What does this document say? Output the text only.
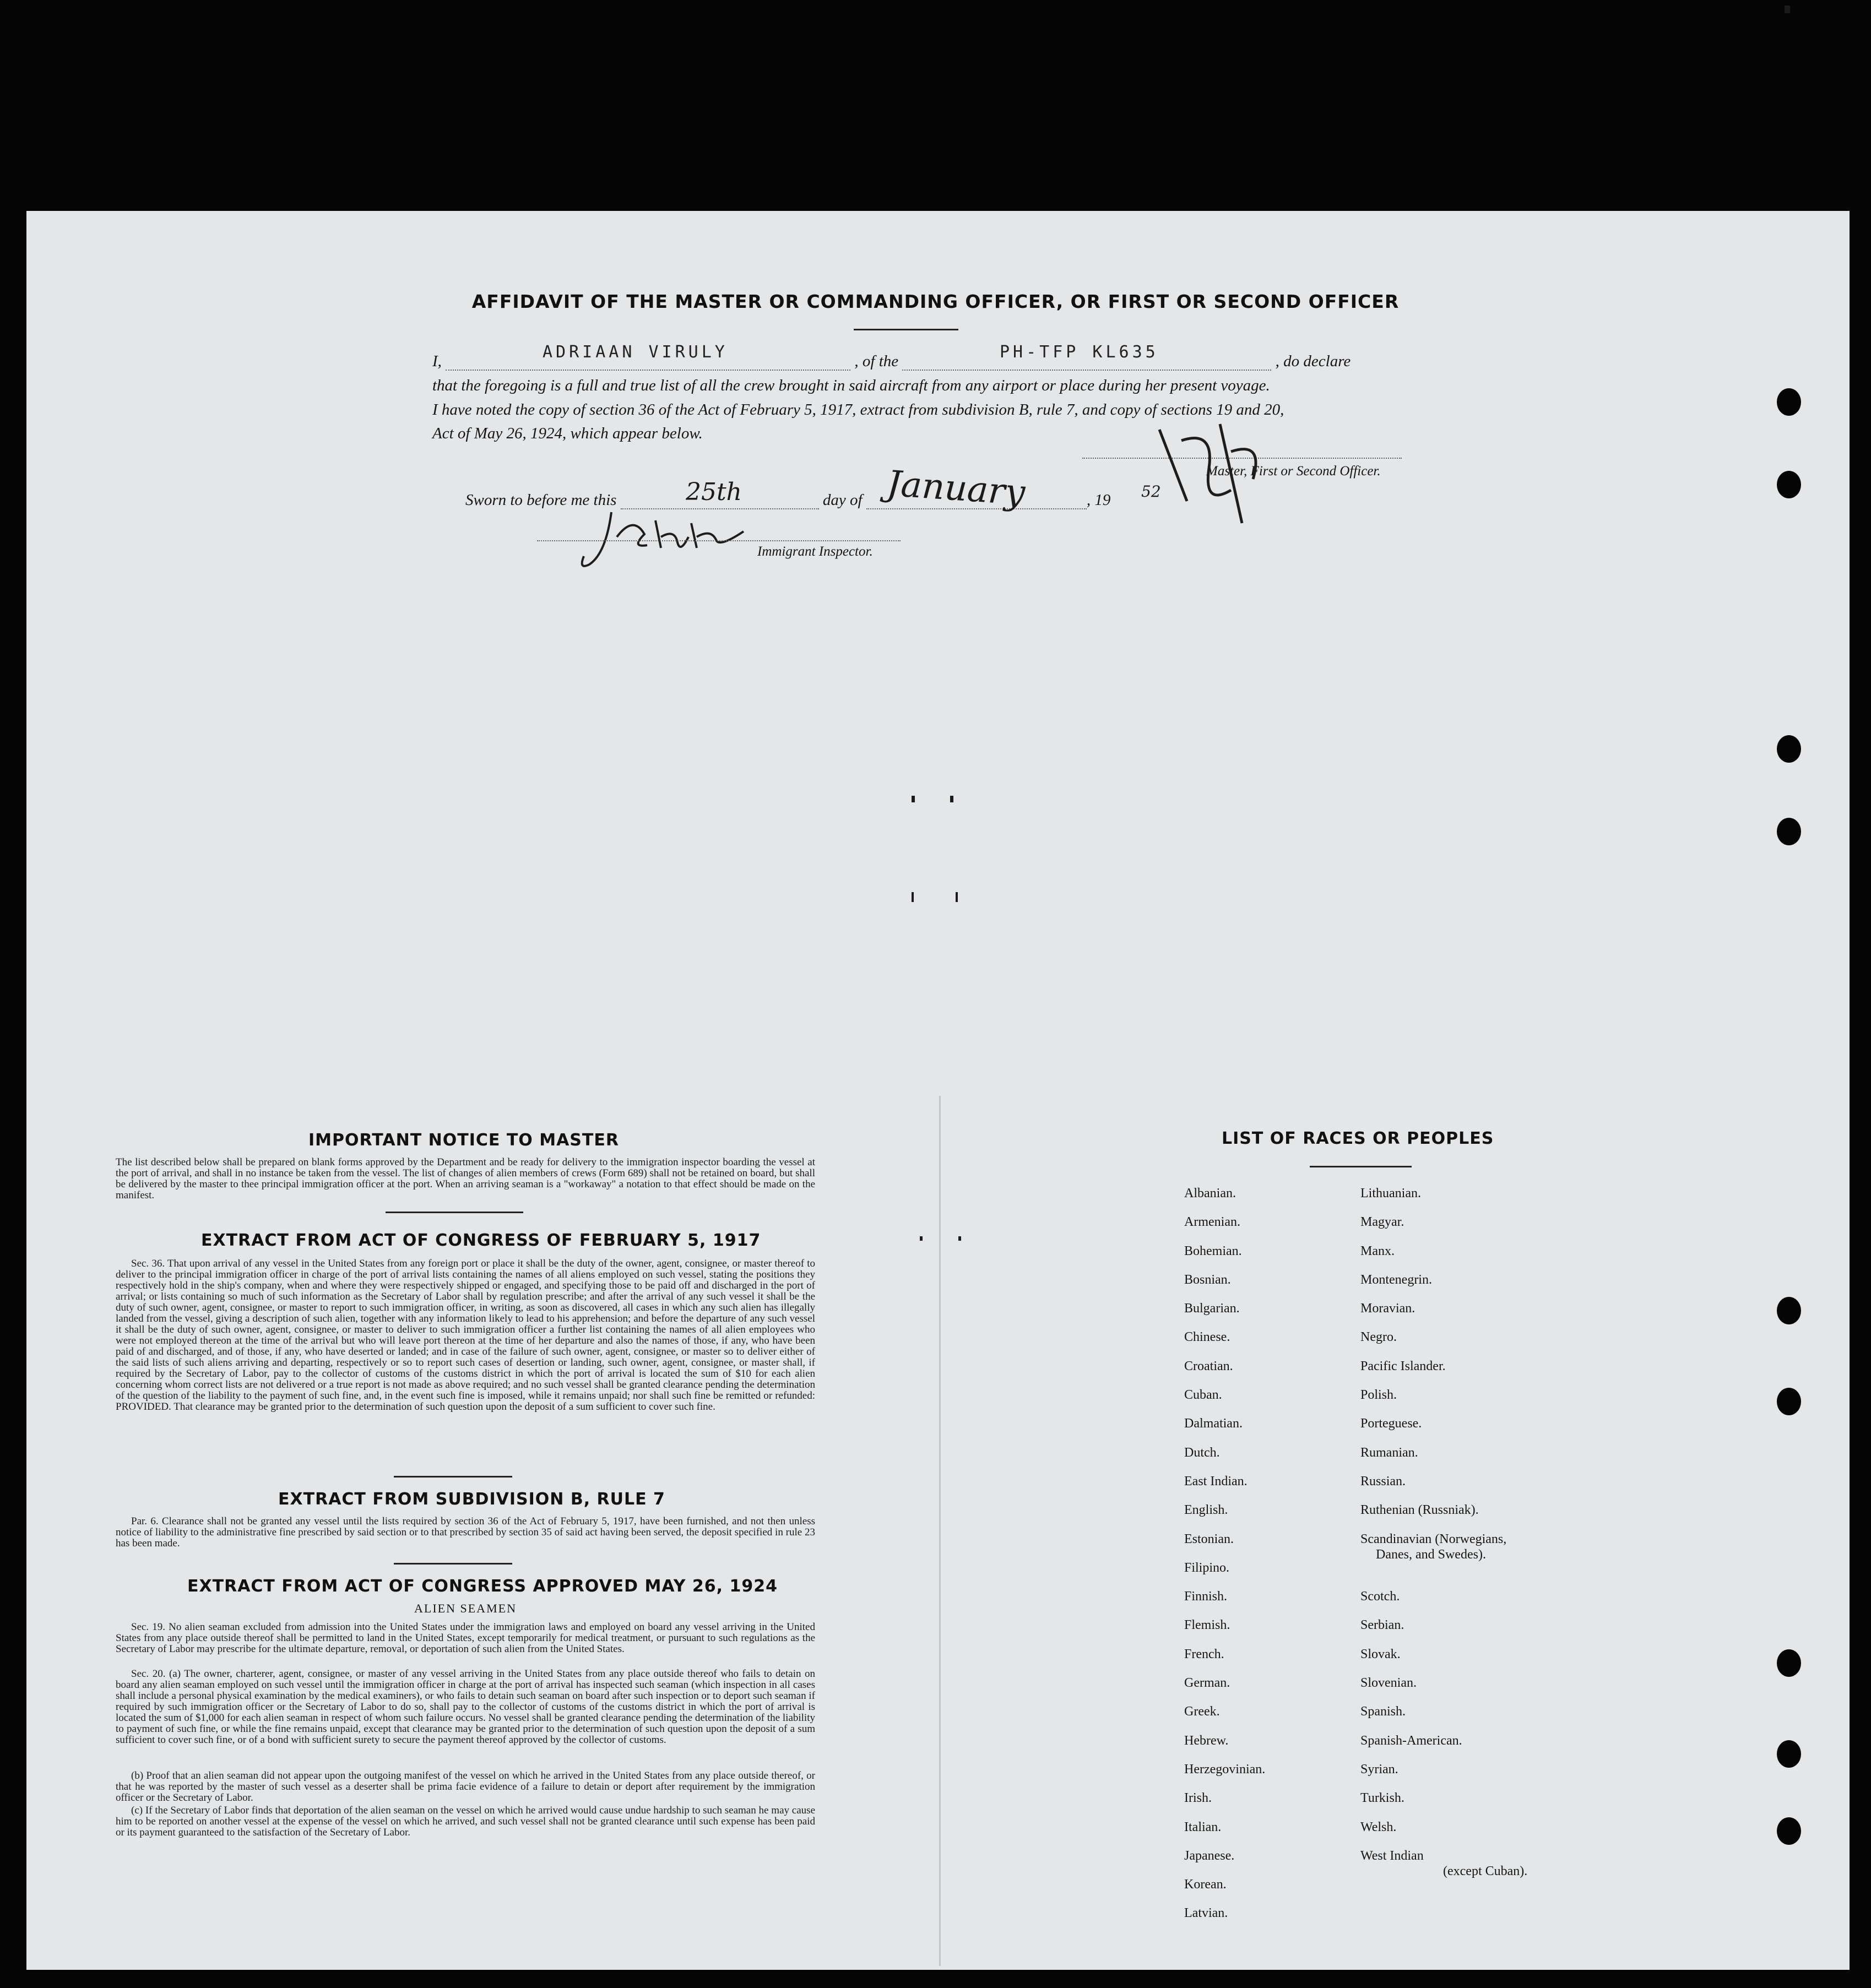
AFFIDAVIT OF THE MASTER OR COMMANDING OFFICER, OR FIRST OR SECOND OFFICER
I,	, of the	, do declare
ADRIAAN VIRULY	PH-TFP KL635
that the foregoing is a full and true list of all the crew brought in said aircraft from any airport or place during her present voyage.
I have noted the copy of section 36 of the Act of February 5, 1917, extract from subdivision B, rule 7, and copy of sections 19 and 20,
Act of May 26, 1924, which appear below.
Master, First or Second Officer.
Sworn to before me this	day of	, 19
25th	January	52
Immigrant Inspector.
IMPORTANT NOTICE TO MASTER

The list described below shall be prepared on blank forms approved by the Department and be ready for delivery to the immigration inspector boarding the vessel at the port of arrival, and shall in no instance be taken from the vessel. The list of changes of alien members of crews (Form 689) shall not be retained on board, but shall be delivered by the master to thee principal immigration officer at the port. When an arriving seaman is a "workaway" a notation to that effect should be made on the manifest.

EXTRACT FROM ACT OF CONGRESS OF FEBRUARY 5, 1917

Sec. 36. That upon arrival of any vessel in the United States from any foreign port or place it shall be the duty of the owner, agent, consignee, or master thereof to deliver to the principal immigration officer in charge of the port of arrival lists containing the names of all aliens employed on such vessel, stating the positions they respectively hold in the ship's company, when and where they were respectively shipped or engaged, and specifying those to be paid off and discharged in the port of arrival; or lists containing so much of such information as the Secretary of Labor shall by regulation prescribe; and after the arrival of any such vessel it shall be the duty of such owner, agent, consignee, or master to report to such immigration officer, in writing, as soon as discovered, all cases in which any such alien has illegally landed from the vessel, giving a description of such alien, together with any information likely to lead to his apprehension; and before the departure of any such vessel it shall be the duty of such owner, agent, consignee, or master to deliver to such immigration officer a further list containing the names of all alien employees who were not employed thereon at the time of the arrival but who will leave port thereon at the time of her departure and also the names of those, if any, who have been paid of and discharged, and of those, if any, who have deserted or landed; and in case of the failure of such owner, agent, consignee, or master so to deliver either of the said lists of such aliens arriving and departing, respectively or so to report such cases of desertion or landing, such owner, agent, consignee, or master shall, if required by the Secretary of Labor, pay to the collector of customs of the customs district in which the port of arrival is located the sum of $10 for each alien concerning whom correct lists are not delivered or a true report is not made as above required; and no such vessel shall be granted clearance pending the determination of the question of the liability to the payment of such fine, and, in the event such fine is imposed, while it remains unpaid; nor shall such fine be remitted or refunded: PROVIDED. That clearance may be granted prior to the determination of such question upon the deposit of a sum sufficient to cover such fine.

EXTRACT FROM SUBDIVISION B, RULE 7

Par. 6. Clearance shall not be granted any vessel until the lists required by section 36 of the Act of February 5, 1917, have been furnished, and not then unless notice of liability to the administrative fine prescribed by said section or to that prescribed by section 35 of said act having been served, the deposit specified in rule 23 has been made.

EXTRACT FROM ACT OF CONGRESS APPROVED MAY 26, 1924
ALIEN SEAMEN

Sec. 19. No alien seaman excluded from admission into the United States under the immigration laws and employed on board any vessel arriving in the United States from any place outside thereof shall be permitted to land in the United States, except temporarily for medical treatment, or pursuant to such regulations as the Secretary of Labor may prescribe for the ultimate departure, removal, or deportation of such alien from the United States.

Sec. 20. (a) The owner, charterer, agent, consignee, or master of any vessel arriving in the United States from any place outside thereof who fails to detain on board any alien seaman employed on such vessel until the immigration officer in charge at the port of arrival has inspected such seaman (which inspection in all cases shall include a personal physical examination by the medical examiners), or who fails to detain such seaman on board after such inspection or to deport such seaman if required by such immigration officer or the Secretary of Labor to do so, shall pay to the collector of customs of the customs district in which the port of arrival is located the sum of $1,000 for each alien seaman in respect of whom such failure occurs. No vessel shall be granted clearance pending the determination of the liability to payment of such fine, or while the fine remains unpaid, except that clearance may be granted prior to the determination of such question upon the deposit of a sum sufficient to cover such fine, or of a bond with sufficient surety to secure the payment thereof approved by the collector of customs.

(b) Proof that an alien seaman did not appear upon the outgoing manifest of the vessel on which he arrived in the United States from any place outside thereof, or that he was reported by the master of such vessel as a deserter shall be prima facie evidence of a failure to detain or deport after requirement by the immigration officer or the Secretary of Labor.

(c) If the Secretary of Labor finds that deportation of the alien seaman on the vessel on which he arrived would cause undue hardship to such seaman he may cause him to be reported on another vessel at the expense of the vessel on which he arrived, and such vessel shall not be granted clearance until such expense has been paid or its payment guaranteed to the satisfaction of the Secretary of Labor.

LIST OF RACES OR PEOPLES
Albanian.
Armenian.
Bohemian.
Bosnian.
Bulgarian.
Chinese.
Croatian.
Cuban.
Dalmatian.
Dutch.
East Indian.
English.
Estonian.
Filipino.
Finnish.
Flemish.
French.
German.
Greek.
Hebrew.
Herzegovinian.
Irish.
Italian.
Japanese.
Korean.
Latvian.
Lithuanian.
Magyar.
Manx.
Montenegrin.
Moravian.
Negro.
Pacific Islander.
Polish.
Porteguese.
Rumanian.
Russian.
Ruthenian (Russniak).
Scandinavian (Norwegians,
Danes, and Swedes).
Scotch.
Serbian.
Slovak.
Slovenian.
Spanish.
Spanish-American.
Syrian.
Turkish.
Welsh.
West Indian
(except Cuban).
